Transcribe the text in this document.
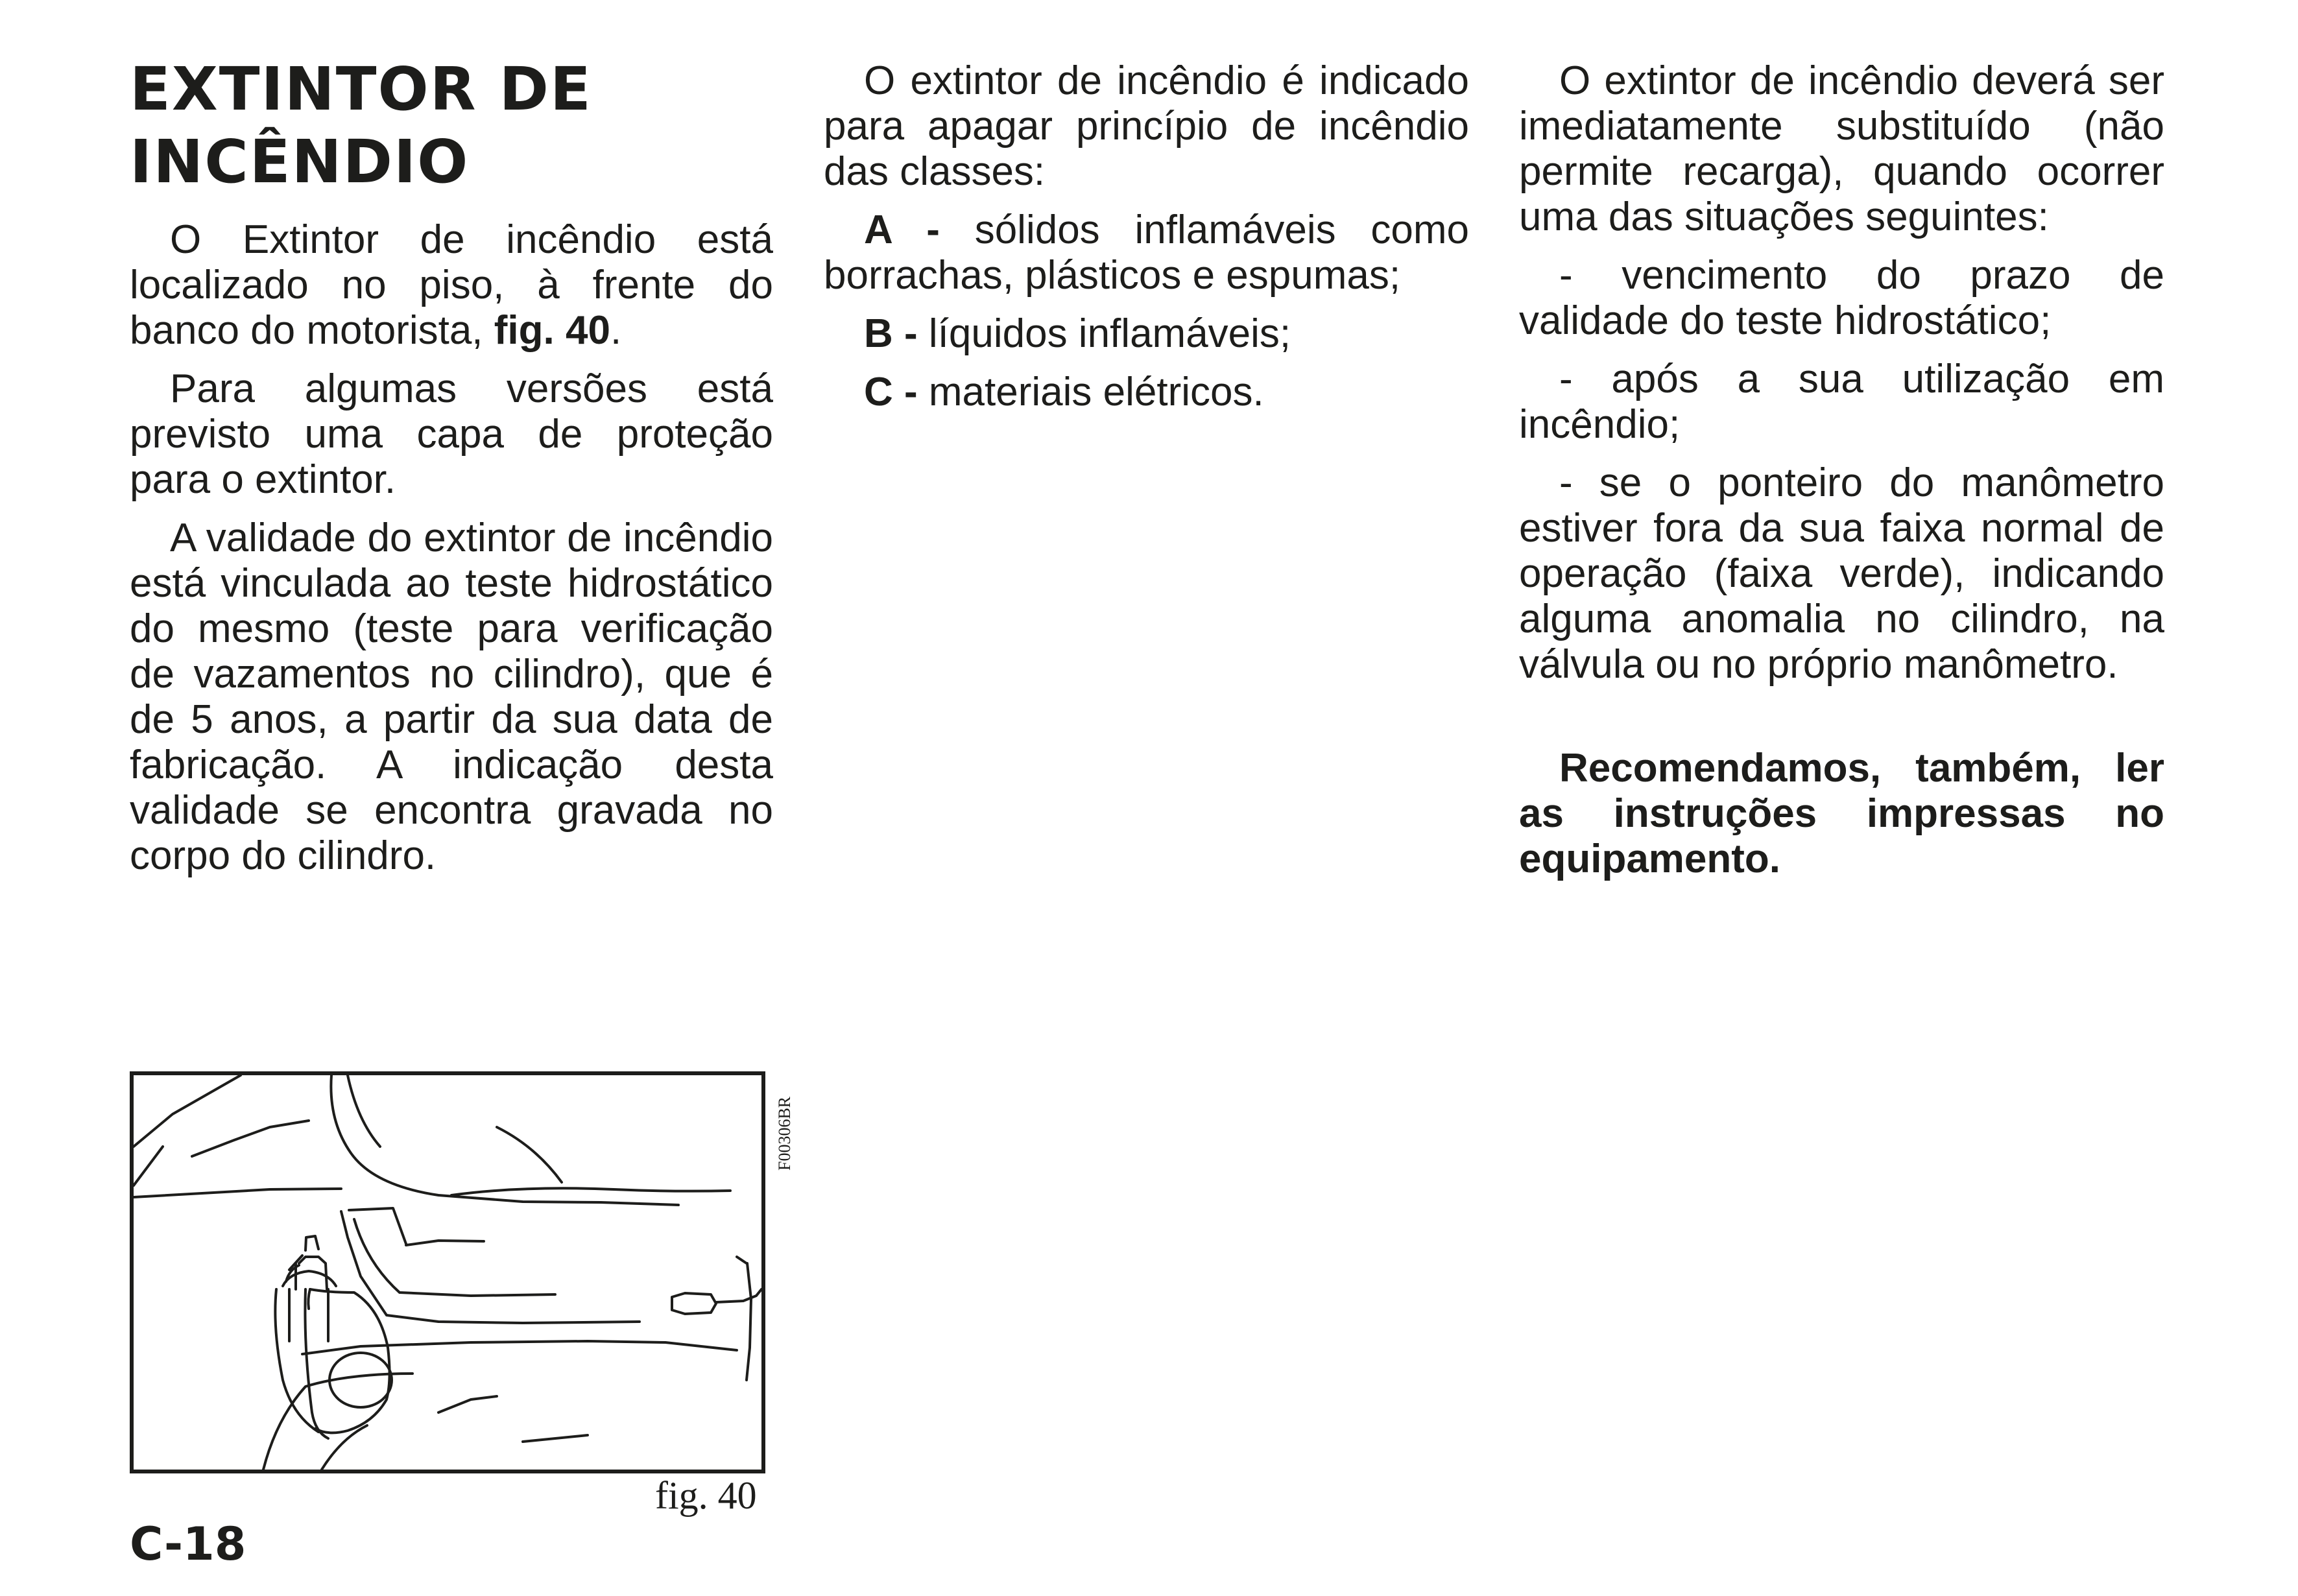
EXTINTOR DE
INCÊNDIO

O Extintor de incêndio está localizado no piso, à frente do banco do motorista, fig. 40.

Para algumas versões está previsto uma capa de proteção para o extintor.

A validade do extintor de incêndio está vinculada ao teste hidrostático do mesmo (teste para verificação de vazamentos no cilindro), que é de 5 anos, a partir da sua data de fabricação. A indicação desta validade se encontra gravada no corpo do cilindro.

O extintor de incêndio é indicado para apagar princípio de incêndio das classes:

A - sólidos inflamáveis como borrachas, plásticos e espumas;

B - líquidos inflamáveis;

C - materiais elétricos.

O extintor de incêndio deverá ser imediatamente substituído (não permite recarga), quando ocorrer uma das situações seguintes:

- vencimento do prazo de validade do teste hidrostático;

- após a sua utilização em incêndio;

- se o ponteiro do manômetro estiver fora da sua faixa normal de operação (faixa verde), indicando alguma anomalia no cilindro, na válvula ou no próprio manômetro.

Recomendamos, também, ler as instruções impressas no equipamento.

F00306BR

fig. 40

C-18
